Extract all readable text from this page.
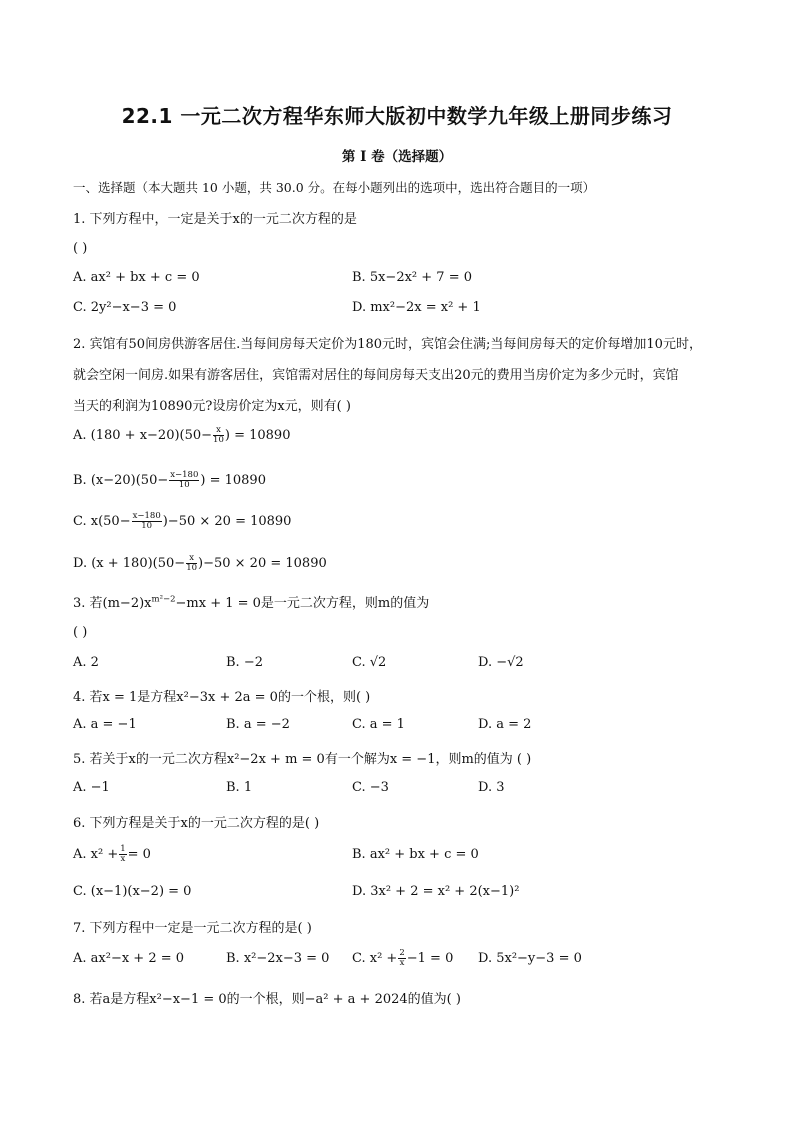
22.1 一元二次方程华东师大版初中数学九年级上册同步练习
第 I 卷（选择题）
一、选择题（本大题共 10 小题，共 30.0 分。在每小题列出的选项中，选出符合题目的一项）
1. 下列方程中，一定是关于x的一元二次方程的是
( )
A. ax² + bx + c = 0	B. 5x−2x² + 7 = 0
C. 2y²−x−3 = 0	D. mx²−2x = x² + 1
2. 宾馆有50间房供游客居住.当每间房每天定价为180元时，宾馆会住满;当每间房每天的定价每增加10元时，
就会空闲一间房.如果有游客居住，宾馆需对居住的每间房每天支出20元的费用当房价定为多少元时，宾馆
当天的利润为10890元?设房价定为x元，则有( )
A. $(180 + x-20)(50- \frac{x}{10}$ ) = 10890
B. $(x-20)(50- \frac{x-180}{10}$ ) = 10890
C. $x(50- \frac{x-180}{10} )-50 \times 20 = 10890$
D. $(x + 180)(50- \frac{x}{10} )-50 \times 20 = 10890$
3. 若$(m-2)x^{m^2-2}-mx + 1 = 0$是一元二次方程，则m的值为
( )
A. 2	B. −2	C. √2	D. −√2
4. 若x = 1是方程x²−3x + 2a = 0的一个根，则( )
A. a = −1	B. a = −2	C. a = 1	D. a = 2
5. 若关于x的一元二次方程x²−2x + m = 0有一个解为x = −1，则m的值为 ( )
A. −1	B. 1	C. −3	D. 3
6. 下列方程是关于x的一元二次方程的是( )
A. $x^2 + \frac{1}{x} = 0$	B. ax² + bx + c = 0
C. (x−1)(x−2) = 0	D. 3x² + 2 = x² + 2(x−1)²
7. 下列方程中一定是一元二次方程的是( )
A. ax²−x + 2 = 0	B. x²−2x−3 = 0 C. $x^2 + \frac{2}{x} -1 = 0$ D. 5x²−y−3 = 0
8. 若a是方程x²−x−1 = 0的一个根，则−a² + a + 2024的值为( )
